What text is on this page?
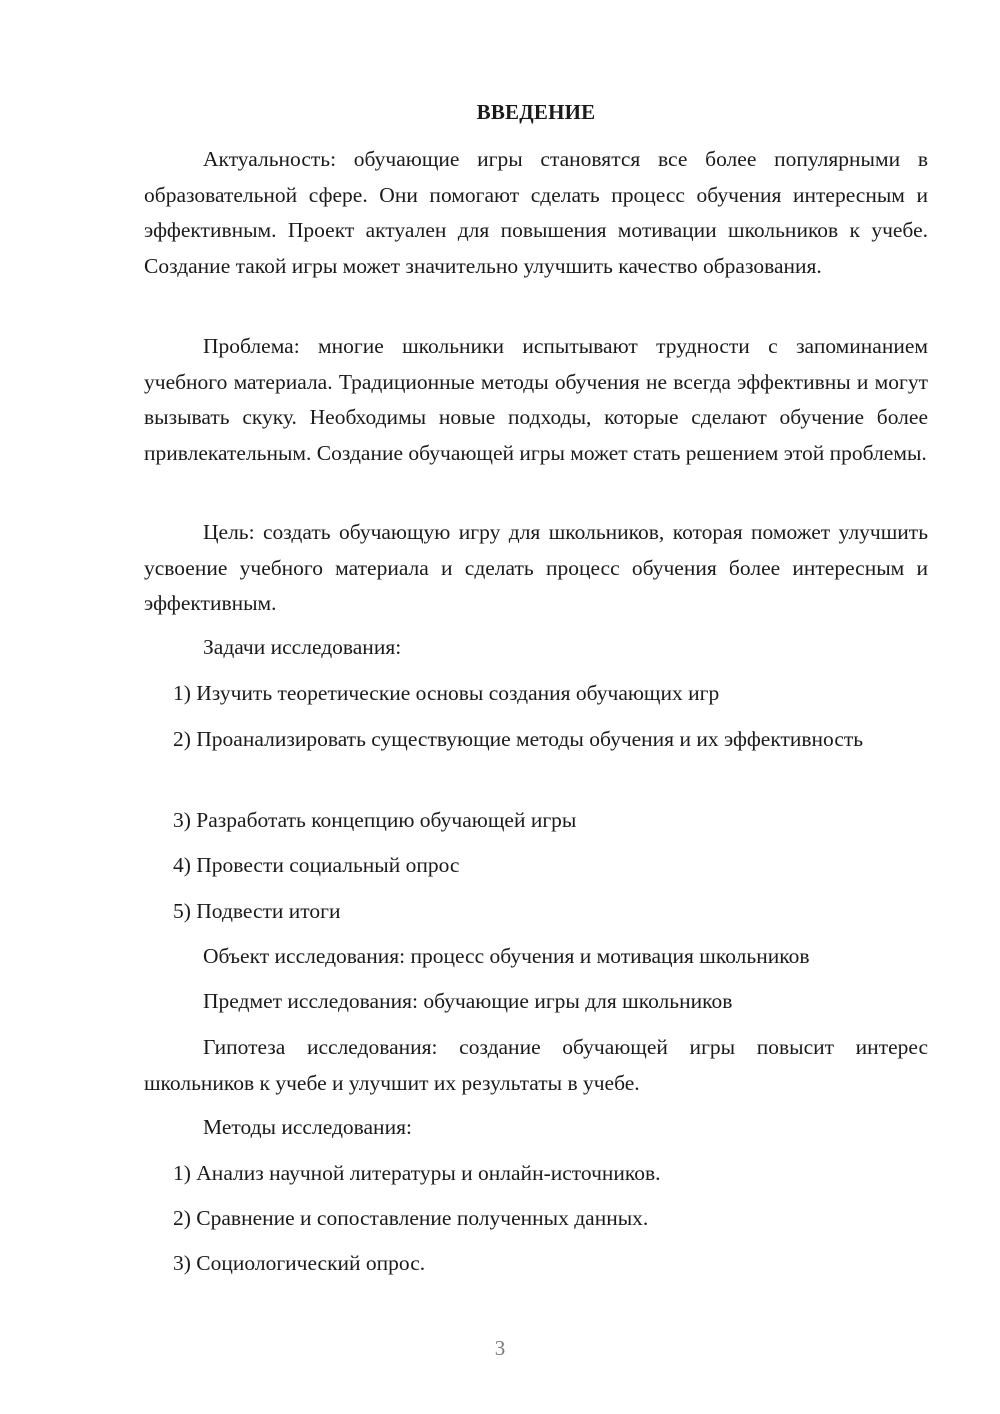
ВВЕДЕНИЕ

Актуальность: обучающие игры становятся все более популярными в образовательной сфере. Они помогают сделать процесс обучения интересным и эффективным. Проект актуален для повышения мотивации школьников к учебе. Создание такой игры может значительно улучшить качество образования.

Проблема: многие школьники испытывают трудности с запоминанием учебного материала. Традиционные методы обучения не всегда эффективны и могут вызывать скуку. Необходимы новые подходы, которые сделают обучение более привлекательным. Создание обучающей игры может стать решением этой проблемы.

Цель: создать обучающую игру для школьников, которая поможет улучшить усвоение учебного материала и сделать процесс обучения более интересным и эффективным.

Задачи исследования:

1) Изучить теоретические основы создания обучающих игр

2) Проанализировать существующие методы обучения и их эффективность

3) Разработать концепцию обучающей игры

4) Провести социальный опрос

5) Подвести итоги

Объект исследования: процесс обучения и мотивация школьников

Предмет исследования: обучающие игры для школьников

Гипотеза исследования: создание обучающей игры повысит интерес школьников к учебе и улучшит их результаты в учебе.

Методы исследования:

1) Анализ научной литературы и онлайн-источников.

2) Сравнение и сопоставление полученных данных.

3) Социологический опрос.

3
